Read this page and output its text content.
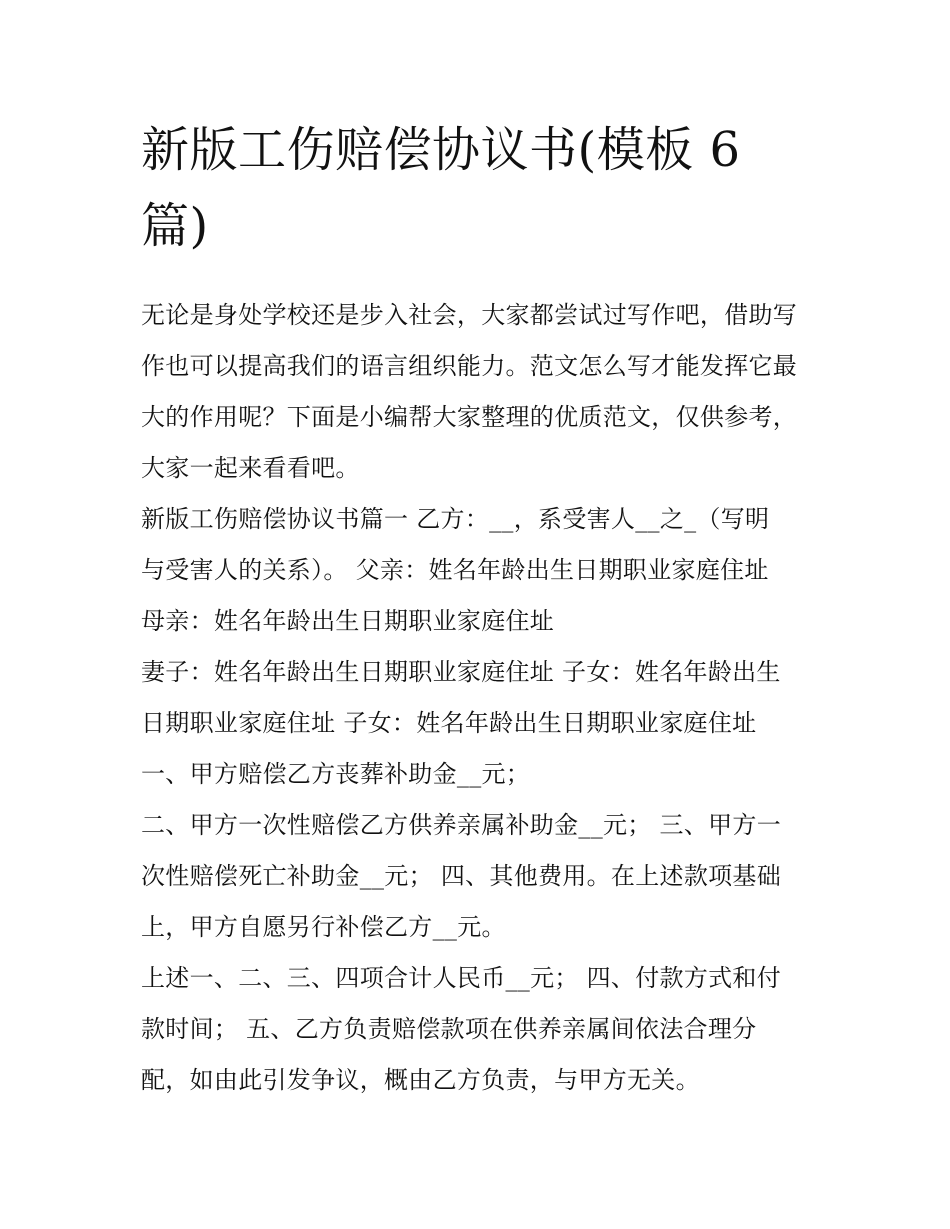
新版工伤赔偿协议书(模板 6
篇)

无论是身处学校还是步入社会，大家都尝试过写作吧，借助写
作也可以提高我们的语言组织能力。范文怎么写才能发挥它最
大的作用呢？下面是小编帮大家整理的优质范文，仅供参考，
大家一起来看看吧。

新版工伤赔偿协议书篇一 乙方：__，系受害人__之_（写明
与受害人的关系）。 父亲：姓名年龄出生日期职业家庭住址
母亲：姓名年龄出生日期职业家庭住址

妻子：姓名年龄出生日期职业家庭住址 子女：姓名年龄出生
日期职业家庭住址 子女：姓名年龄出生日期职业家庭住址

一、甲方赔偿乙方丧葬补助金__元；

二、甲方一次性赔偿乙方供养亲属补助金__元； 三、甲方一
次性赔偿死亡补助金__元； 四、其他费用。在上述款项基础
上，甲方自愿另行补偿乙方__元。

上述一、二、三、四项合计人民币__元； 四、付款方式和付
款时间； 五、乙方负责赔偿款项在供养亲属间依法合理分
配，如由此引发争议，概由乙方负责，与甲方无关。
